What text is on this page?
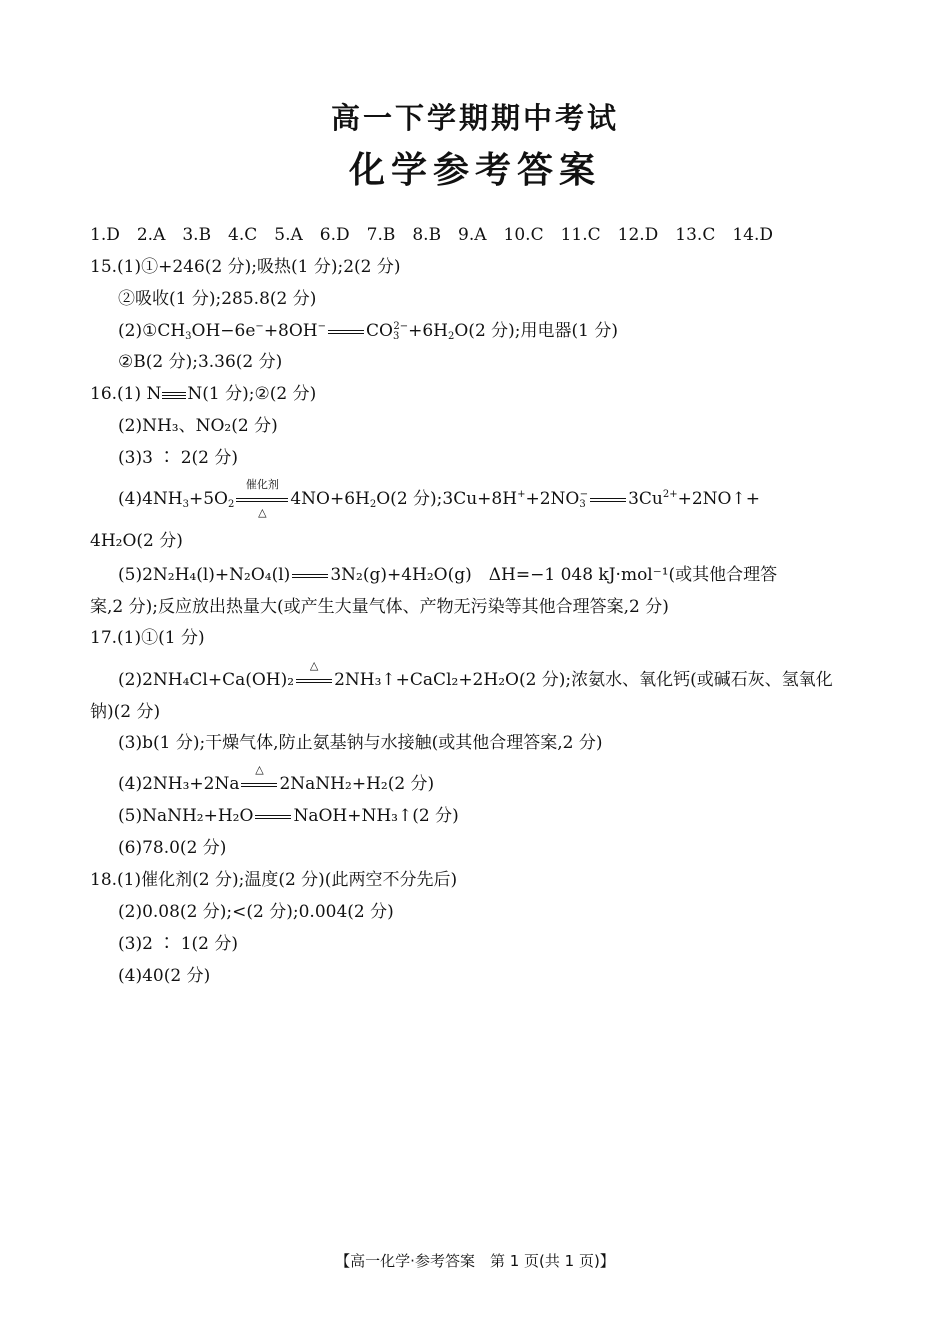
高一下学期期中考试
化学参考答案
1.D　2.A　3.B　4.C　5.A　6.D　7.B　8.B　9.A　10.C　11.C　12.D　13.C　14.D
15.(1)①+246(2 分);吸热(1 分);2(2 分)
②吸收(1 分);285.8(2 分)
$(2)①CH_3OH-6e^-+8OH^-$ $CO_3^{2-}+6H_2O(2$ 分);用电器(1 分)
②B(2 分);3.36(2 分)
16.(1) N N(1 分);②(2 分)
(2)NH₃、NO₂(2 分)
(3)3 ∶ 2(2 分)
$(4)4NH_3+5O_2$
催化剂
△
$4NO+6H_2O(2$ 分)$;3Cu+8H^++2NO_3^-$ $3Cu^{2+}+2NO↑+$
4H₂O(2 分)
(5)2N₂H₄(l)+N₂O₄(l) 3N₂(g)+4H₂O(g)　ΔH=−1 048 kJ·mol⁻¹(或其他合理答
案,2 分);反应放出热量大(或产生大量气体、产物无污染等其他合理答案,2 分)
17.(1)①(1 分)
(2)2NH₄Cl+Ca(OH)₂
△
2NH₃↑+CaCl₂+2H₂O(2 分);浓氨水、氧化钙(或碱石灰、氢氧化
钠)(2 分)
(3)b(1 分);干燥气体,防止氨基钠与水接触(或其他合理答案,2 分)
(4)2NH₃+2Na
△
2NaNH₂+H₂(2 分)
(5)NaNH₂+H₂O NaOH+NH₃↑(2 分)
(6)78.0(2 分)
18.(1)催化剂(2 分);温度(2 分)(此两空不分先后)
(2)0.08(2 分);<(2 分);0.004(2 分)
(3)2 ∶ 1(2 分)
(4)40(2 分)
【高一化学·参考答案　第 1 页(共 1 页)】
